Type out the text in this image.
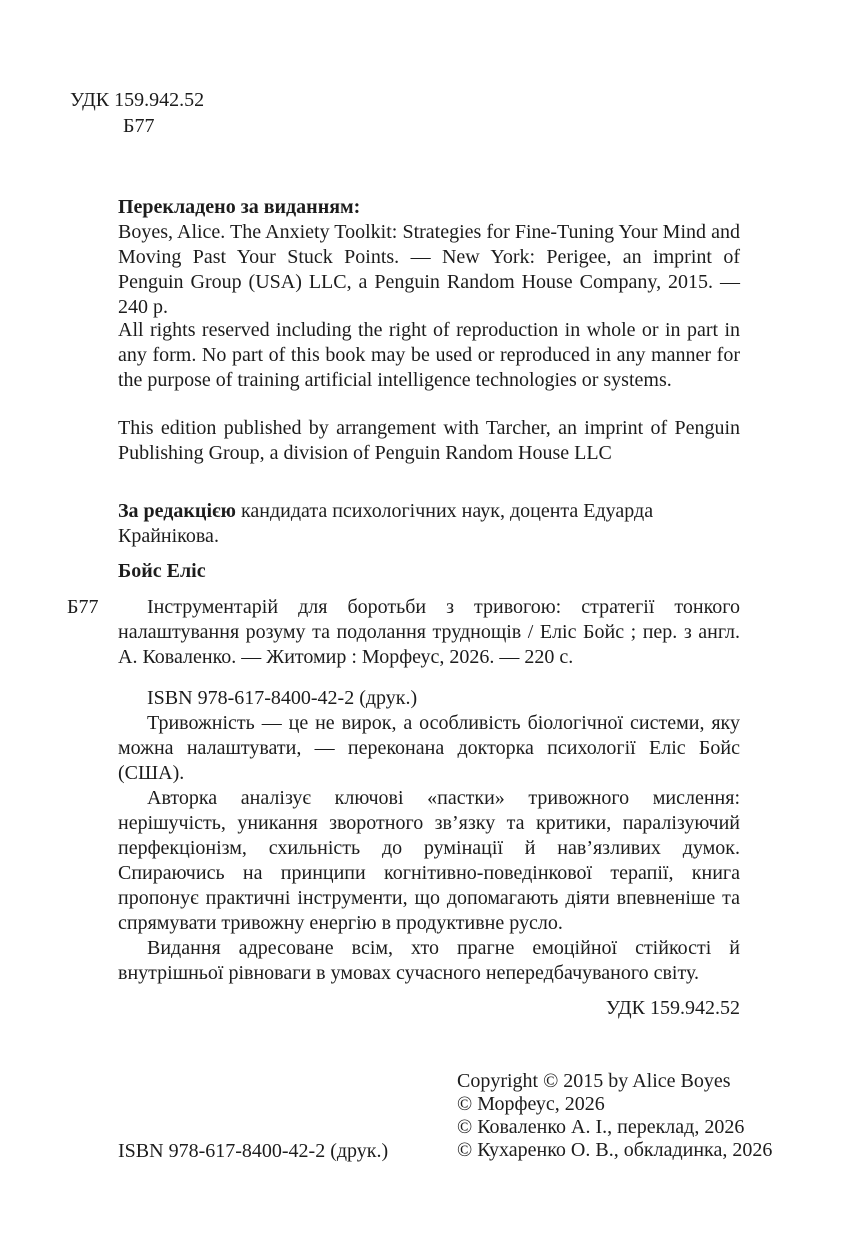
УДК 159.942.52
Б77

Перекладено за виданням:

Boyes, Alice. The Anxiety Toolkit: Strategies for Fine-Tuning Your Mind and Moving Past Your Stuck Points. — New York: Perigee, an imprint of Penguin Group (USA) LLC, a Penguin Random House Company, 2015. — 240 p.

All rights reserved including the right of reproduction in whole or in part in any form. No part of this book may be used or reproduced in any manner for the purpose of training artificial intelligence technologies or systems.

This edition published by arrangement with Tarcher, an imprint of Penguin Publishing Group, a division of Penguin Random House LLC

За редакцією кандидата психологічних наук, доцента Едуарда Крайнікова.

Бойс Еліс

Б77	Інструментарій для боротьби з тривогою: стратегії тонкого налаштування розуму та подолання труднощів / Еліс Бойс ; пер. з англ. А. Коваленко. — Житомир : Морфеус, 2026. — 220 с.

ISBN 978-617-8400-42-2 (друк.)

Тривожність — це не вирок, а особливість біологічної системи, яку можна налаштувати, — переконана докторка психології Еліс Бойс (США).

Авторка аналізує ключові «пастки» тривожного мислення: нерішучість, уникання зворотного зв’язку та критики, паралізуючий перфекціонізм, схильність до румінації й нав’язливих думок. Спираючись на принципи когнітивно-поведінкової терапії, книга пропонує практичні інструменти, що допомагають діяти впевненіше та спрямувати тривожну енергію в продуктивне русло.

Видання адресоване всім, хто прагне емоційної стійкості й внутрішньої рівноваги в умовах сучасного непередбачуваного світу.

УДК 159.942.52

Copyright © 2015 by Alice Boyes
© Морфеус, 2026
© Коваленко А. І., переклад, 2026
© Кухаренко О. В., обкладинка, 2026
ISBN 978-617-8400-42-2 (друк.)
